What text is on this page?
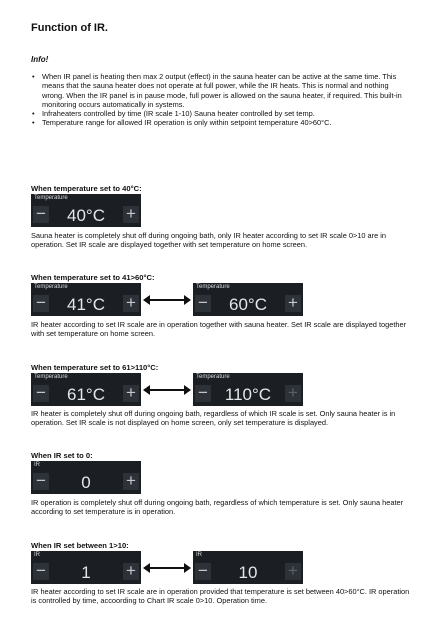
Function of IR.
Info!
• When IR panel is heating then max 2 output (effect) in the sauna heater can be active at the same time. This means that the sauna heater does not operate at full power, while the IR heats. This is normal and nothing wrong. When the IR panel is in pause mode, full power is allowed on the sauna heater, if required. This built-in monitoring occurs automatically in systems.
• Infraheaters controlled by time (IR scale 1-10) Sauna heater controlled by set temp.
• Temperature range for allowed IR operation is only within setpoint temperature 40>60°C.
When temperature set to 40°C:
Temperature
−	40°C	+
Sauna heater is completely shut off during ongoing bath, only IR heater according to set IR scale 0>10 are in operation. Set IR scale are displayed together with set temperature on home screen.
When temperature set to 41>60°C:
Temperature
−	41°C	+
Temperature
−	60°C	+
IR heater according to set IR scale are in operation together with sauna heater. Set IR scale are displayed together with set temperature on home screen.
When temperature set to 61>110°C:
Temperature
−	61°C	+
Temperature
− 110°C +
IR heater is completely shut off during ongoing bath, regardless of which IR scale is set. Only sauna heater is in operation. Set IR scale is not displayed on home screen, only set temperature is displayed.
When IR set to 0:
IR
−	0	+
IR operation is completely shut off during ongoing bath, regardless of which temperature is set. Only sauna heater according to set temperature is in operation.
When IR set between 1>10:
IR
−	1	+
IR
−	10	+
IR heater according to set IR scale are in operation provided that temperature is set between 40>60°C. IR operation is controlled by time, accoording to Chart IR scale 0>10. Operation time.
